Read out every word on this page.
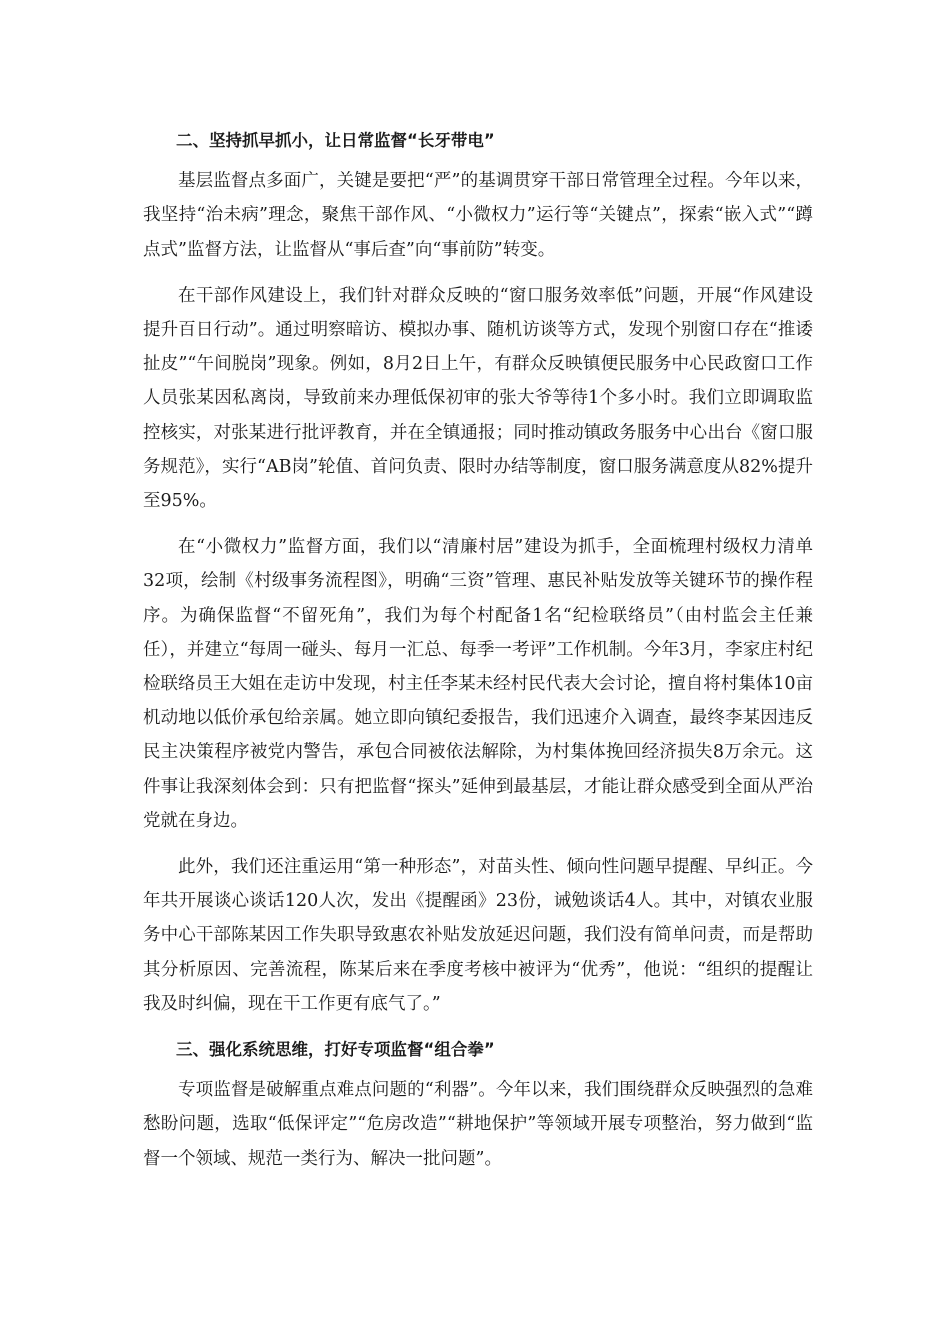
二、坚持抓早抓小，让日常监督“长牙带电”

基层监督点多面广，关键是要把“严”的基调贯穿干部日常管理全过程。今年以来，我坚持“治未病”理念，聚焦干部作风、“小微权力”运行等“关键点”，探索“嵌入式”“蹲点式”监督方法，让监督从“事后查”向“事前防”转变。

在干部作风建设上，我们针对群众反映的“窗口服务效率低”问题，开展“作风建设提升百日行动”。通过明察暗访、模拟办事、随机访谈等方式，发现个别窗口存在“推诿扯皮”“午间脱岗”现象。例如，8月2日上午，有群众反映镇便民服务中心民政窗口工作人员张某因私离岗，导致前来办理低保初审的张大爷等待1个多小时。我们立即调取监控核实，对张某进行批评教育，并在全镇通报；同时推动镇政务服务中心出台《窗口服务规范》，实行“AB岗”轮值、首问负责、限时办结等制度，窗口服务满意度从82%提升至95%。

在“小微权力”监督方面，我们以“清廉村居”建设为抓手，全面梳理村级权力清单32项，绘制《村级事务流程图》，明确“三资”管理、惠民补贴发放等关键环节的操作程序。为确保监督“不留死角”，我们为每个村配备1名“纪检联络员”（由村监会主任兼任），并建立“每周一碰头、每月一汇总、每季一考评”工作机制。今年3月，李家庄村纪检联络员王大姐在走访中发现，村主任李某未经村民代表大会讨论，擅自将村集体10亩机动地以低价承包给亲属。她立即向镇纪委报告，我们迅速介入调查，最终李某因违反民主决策程序被党内警告，承包合同被依法解除，为村集体挽回经济损失8万余元。这件事让我深刻体会到：只有把监督“探头”延伸到最基层，才能让群众感受到全面从严治党就在身边。

此外，我们还注重运用“第一种形态”，对苗头性、倾向性问题早提醒、早纠正。今年共开展谈心谈话120人次，发出《提醒函》23份，诫勉谈话4人。其中，对镇农业服务中心干部陈某因工作失职导致惠农补贴发放延迟问题，我们没有简单问责，而是帮助其分析原因、完善流程，陈某后来在季度考核中被评为“优秀”，他说：“组织的提醒让我及时纠偏，现在干工作更有底气了。”

三、强化系统思维，打好专项监督“组合拳”

专项监督是破解重点难点问题的“利器”。今年以来，我们围绕群众反映强烈的急难愁盼问题，选取“低保评定”“危房改造”“耕地保护”等领域开展专项整治，努力做到“监督一个领域、规范一类行为、解决一批问题”。
